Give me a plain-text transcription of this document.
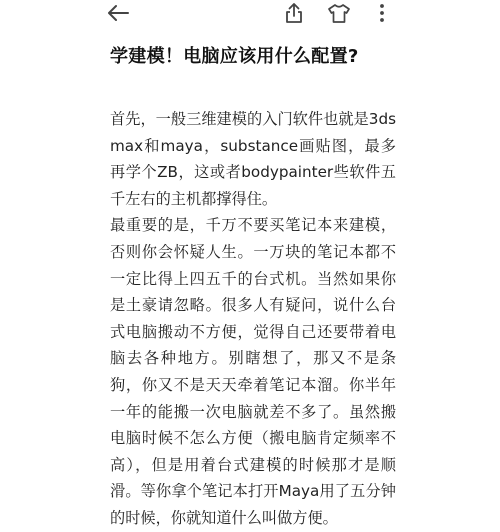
学建模！电脑应该用什么配置?

首先，一般三维建模的入门软件也就是3ds max和maya，substance画贴图，最多再学个ZB，这或者bodypainter些软件五千左右的主机都撑得住。

最重要的是，千万不要买笔记本来建模，否则你会怀疑人生。一万块的笔记本都不一定比得上四五千的台式机。当然如果你是土豪请忽略。很多人有疑问，说什么台式电脑搬动不方便，觉得自己还要带着电脑去各种地方。别瞎想了，那又不是条狗，你又不是天天牵着笔记本溜。你半年一年的能搬一次电脑就差不多了。虽然搬电脑时候不怎么方便（搬电脑肯定频率不高），但是用着台式建模的时候那才是顺滑。等你拿个笔记本打开Maya用了五分钟的时候，你就知道什么叫做方便。
